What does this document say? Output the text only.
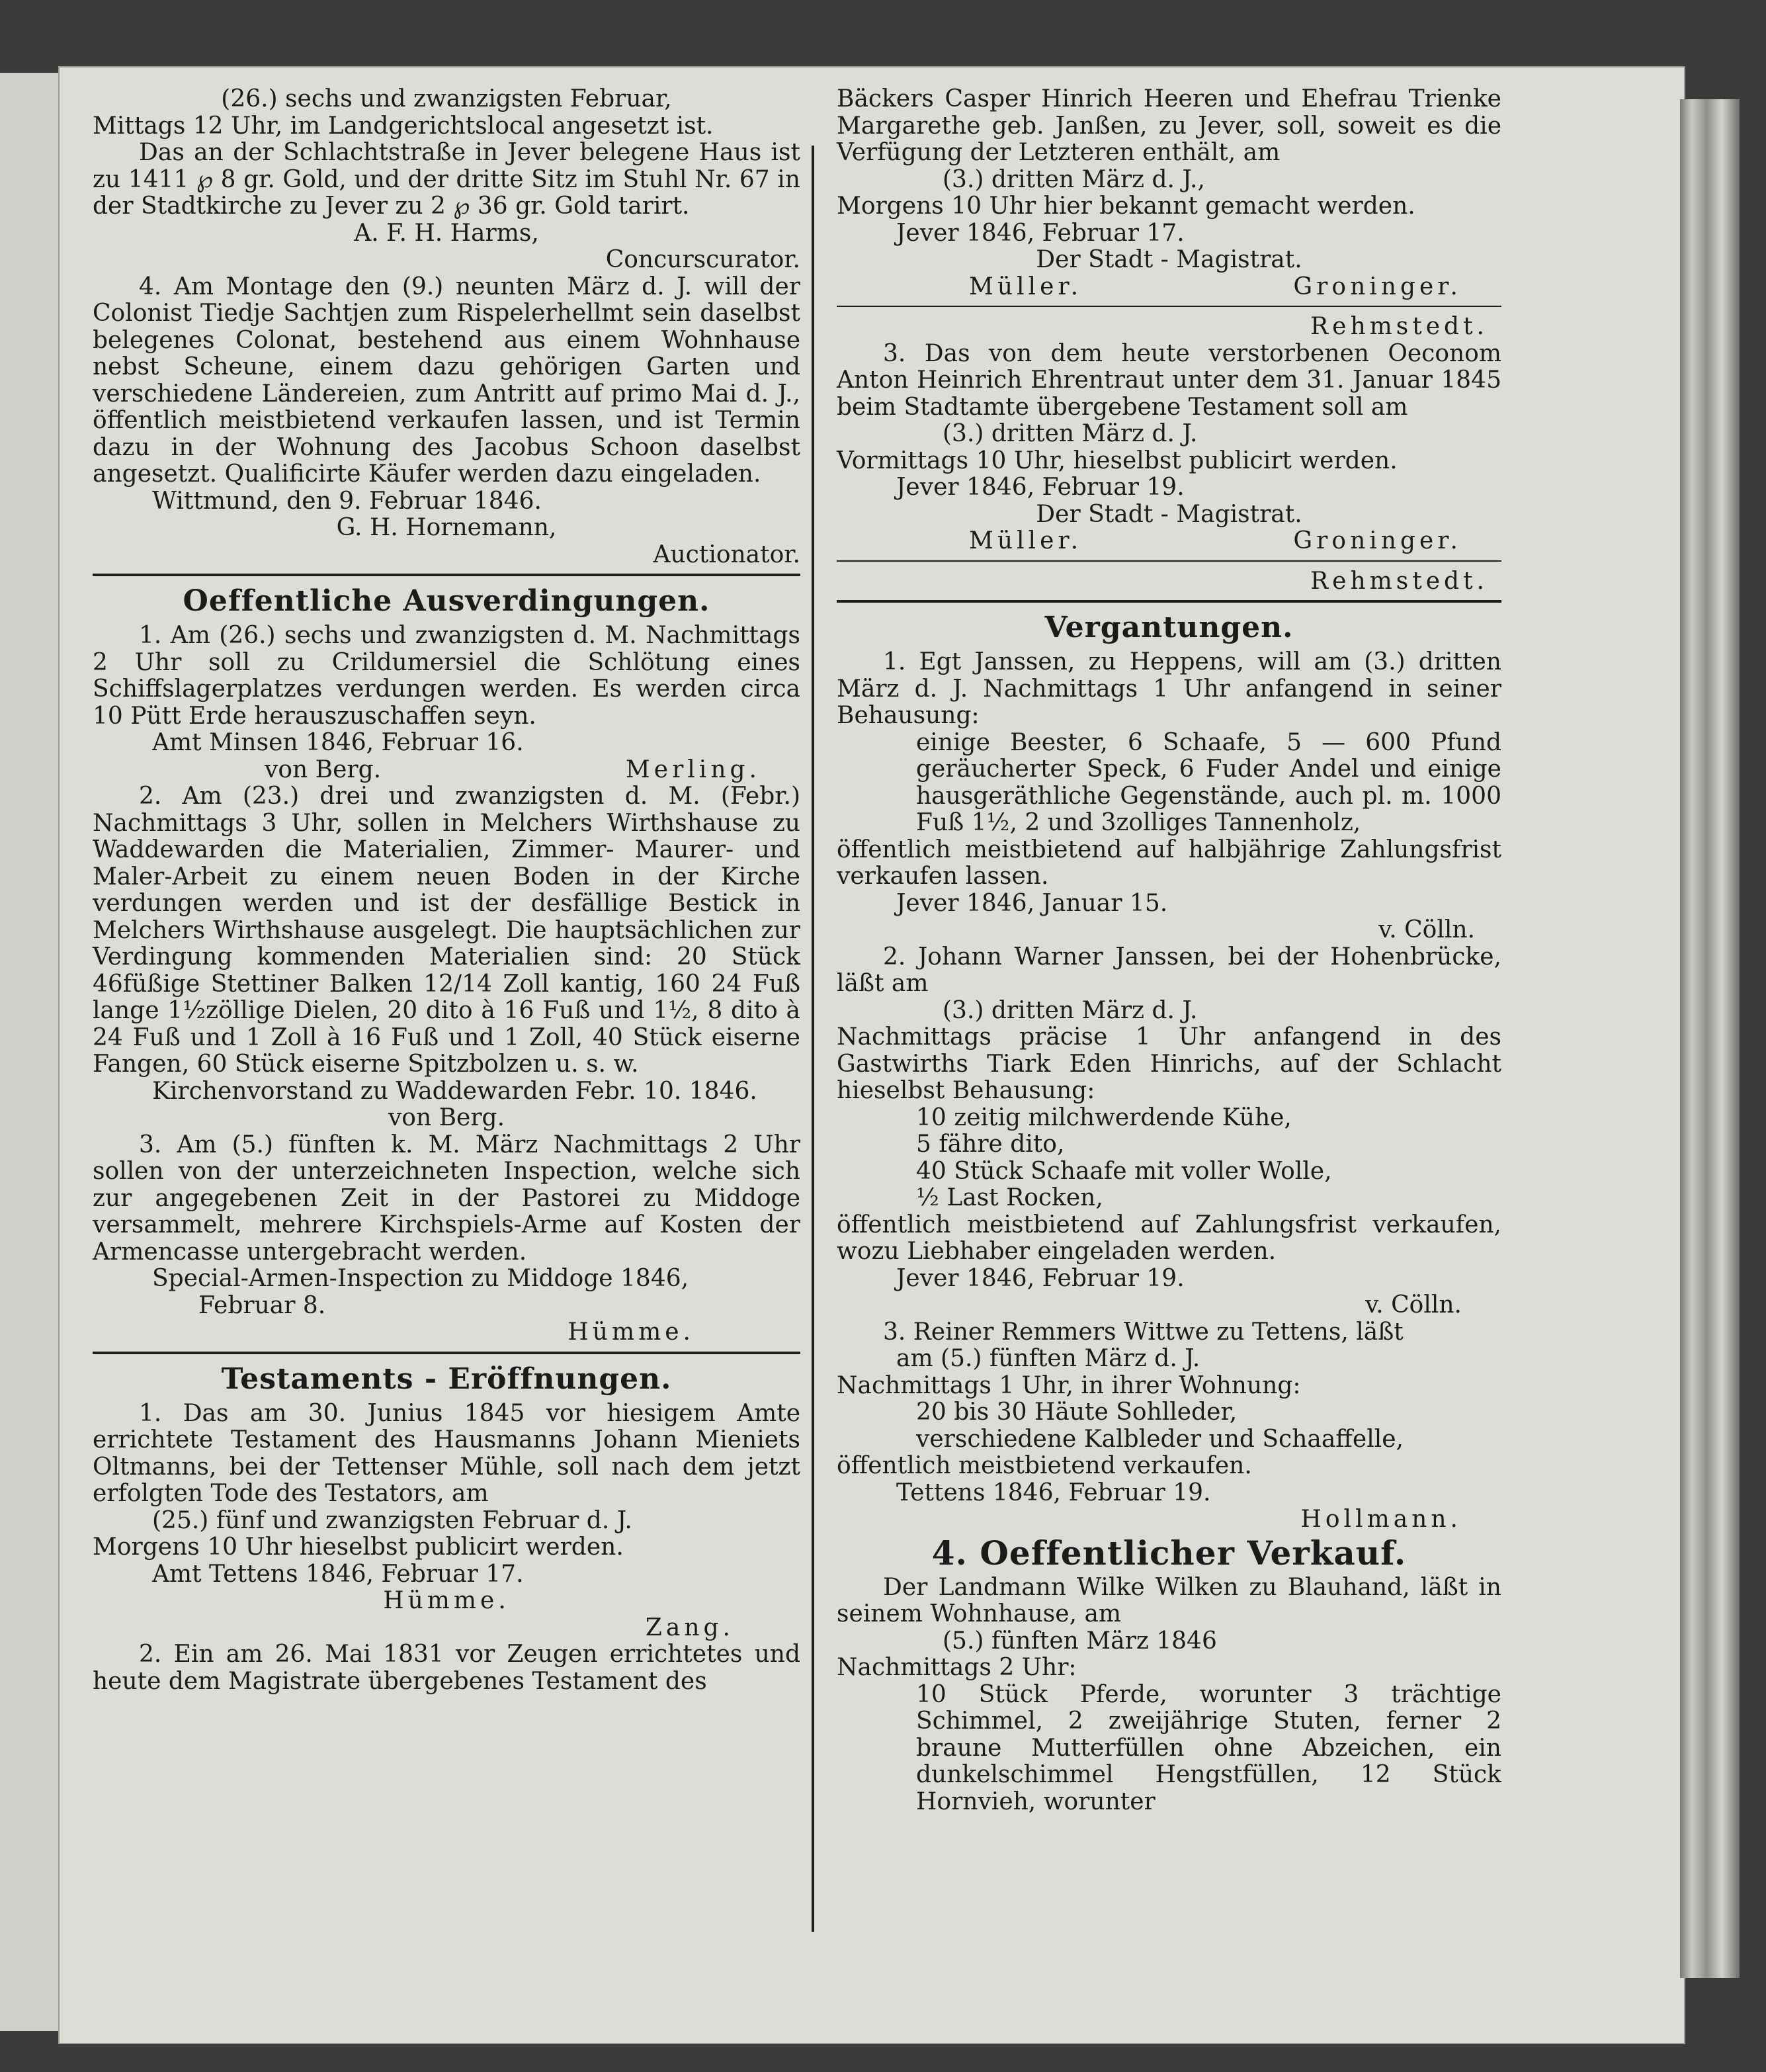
(26.) sechs und zwanzigsten Februar,

Mittags 12 Uhr, im Landgerichtslocal angesetzt ist.

Das an der Schlachtstraße in Jever belegene Haus ist zu 1411 ℘ 8 gr. Gold, und der dritte Sitz im Stuhl Nr. 67 in der Stadtkirche zu Jever zu 2 ℘ 36 gr. Gold tarirt.

A. F. H. Harms,

Concurscurator.

4. Am Montage den (9.) neunten März d. J. will der Colonist Tiedje Sachtjen zum Rispelerhellmt sein daselbst belegenes Colonat, bestehend aus einem Wohnhause nebst Scheune, einem dazu gehörigen Garten und verschiedene Ländereien, zum Antritt auf primo Mai d. J., öffentlich meistbietend verkaufen lassen, und ist Termin dazu in der Wohnung des Jacobus Schoon daselbst angesetzt. Qualificirte Käufer werden dazu eingeladen.

Wittmund, den 9. Februar 1846.

G. H. Hornemann,

Auctionator.

Oeffentliche Ausverdingungen.

1. Am (26.) sechs und zwanzigsten d. M. Nachmittags 2 Uhr soll zu Crildumersiel die Schlötung eines Schiffslagerplatzes verdungen werden. Es werden circa 10 Pütt Erde herauszuschaffen seyn.

Amt Minsen 1846, Februar 16.

von Berg.	Merling.

2. Am (23.) drei und zwanzigsten d. M. (Febr.) Nachmittags 3 Uhr, sollen in Melchers Wirthshause zu Waddewarden die Materialien, Zimmer- Maurer- und Maler-Arbeit zu einem neuen Boden in der Kirche verdungen werden und ist der desfällige Bestick in Melchers Wirthshause ausgelegt. Die hauptsächlichen zur Verdingung kommenden Materialien sind: 20 Stück 46füßige Stettiner Balken 12/14 Zoll kantig, 160 24 Fuß lange 1½zöllige Dielen, 20 dito à 16 Fuß und 1½, 8 dito à 24 Fuß und 1 Zoll à 16 Fuß und 1 Zoll, 40 Stück eiserne Fangen, 60 Stück eiserne Spitzbolzen u. s. w.

Kirchenvorstand zu Waddewarden Febr. 10. 1846.

von Berg.

3. Am (5.) fünften k. M. März Nachmittags 2 Uhr sollen von der unterzeichneten Inspection, welche sich zur angegebenen Zeit in der Pastorei zu Middoge versammelt, mehrere Kirchspiels-Arme auf Kosten der Armencasse untergebracht werden.

Special-Armen-Inspection zu Middoge 1846,

Februar 8.

Hümme.

Testaments - Eröffnungen.

1. Das am 30. Junius 1845 vor hiesigem Amte errichtete Testament des Hausmanns Johann Mieniets Oltmanns, bei der Tettenser Mühle, soll nach dem jetzt erfolgten Tode des Testators, am

(25.) fünf und zwanzigsten Februar d. J.

Morgens 10 Uhr hieselbst publicirt werden.

Amt Tettens 1846, Februar 17.

Hümme.

Zang.

2. Ein am 26. Mai 1831 vor Zeugen errichtetes und heute dem Magistrate übergebenes Testament des

Bäckers Casper Hinrich Heeren und Ehefrau Trienke Margarethe geb. Janßen, zu Jever, soll, soweit es die Verfügung der Letzteren enthält, am

(3.) dritten März d. J.,

Morgens 10 Uhr hier bekannt gemacht werden.

Jever 1846, Februar 17.

Der Stadt - Magistrat.

Müller.	Groninger.

Rehmstedt.

3. Das von dem heute verstorbenen Oeconom Anton Heinrich Ehrentraut unter dem 31. Januar 1845 beim Stadtamte übergebene Testament soll am

(3.) dritten März d. J.

Vormittags 10 Uhr, hieselbst publicirt werden.

Jever 1846, Februar 19.

Der Stadt - Magistrat.

Müller.	Groninger.

Rehmstedt.

Vergantungen.

1. Egt Janssen, zu Heppens, will am (3.) dritten März d. J. Nachmittags 1 Uhr anfangend in seiner Behausung:

einige Beester, 6 Schaafe, 5 — 600 Pfund geräucherter Speck, 6 Fuder Andel und einige hausgeräthliche Gegenstände, auch pl. m. 1000 Fuß 1½, 2 und 3zolliges Tannenholz,

öffentlich meistbietend auf halbjährige Zahlungsfrist verkaufen lassen.

Jever 1846, Januar 15.

v. Cölln.

2. Johann Warner Janssen, bei der Hohenbrücke, läßt am

(3.) dritten März d. J.

Nachmittags präcise 1 Uhr anfangend in des Gastwirths Tiark Eden Hinrichs, auf der Schlacht hieselbst Behausung:

10 zeitig milchwerdende Kühe,

5 fähre dito,

40 Stück Schaafe mit voller Wolle,

½ Last Rocken,

öffentlich meistbietend auf Zahlungsfrist verkaufen, wozu Liebhaber eingeladen werden.

Jever 1846, Februar 19.

v. Cölln.

3. Reiner Remmers Wittwe zu Tettens, läßt

am (5.) fünften März d. J.

Nachmittags 1 Uhr, in ihrer Wohnung:

20 bis 30 Häute Sohlleder,

verschiedene Kalbleder und Schaaffelle,

öffentlich meistbietend verkaufen.

Tettens 1846, Februar 19.

Hollmann.

4. Oeffentlicher Verkauf.

Der Landmann Wilke Wilken zu Blauhand, läßt in seinem Wohnhause, am

(5.) fünften März 1846

Nachmittags 2 Uhr:

10 Stück Pferde, worunter 3 trächtige Schimmel, 2 zweijährige Stuten, ferner 2 braune Mutterfüllen ohne Abzeichen, ein dunkelschimmel Hengstfüllen, 12 Stück Hornvieh, worunter
